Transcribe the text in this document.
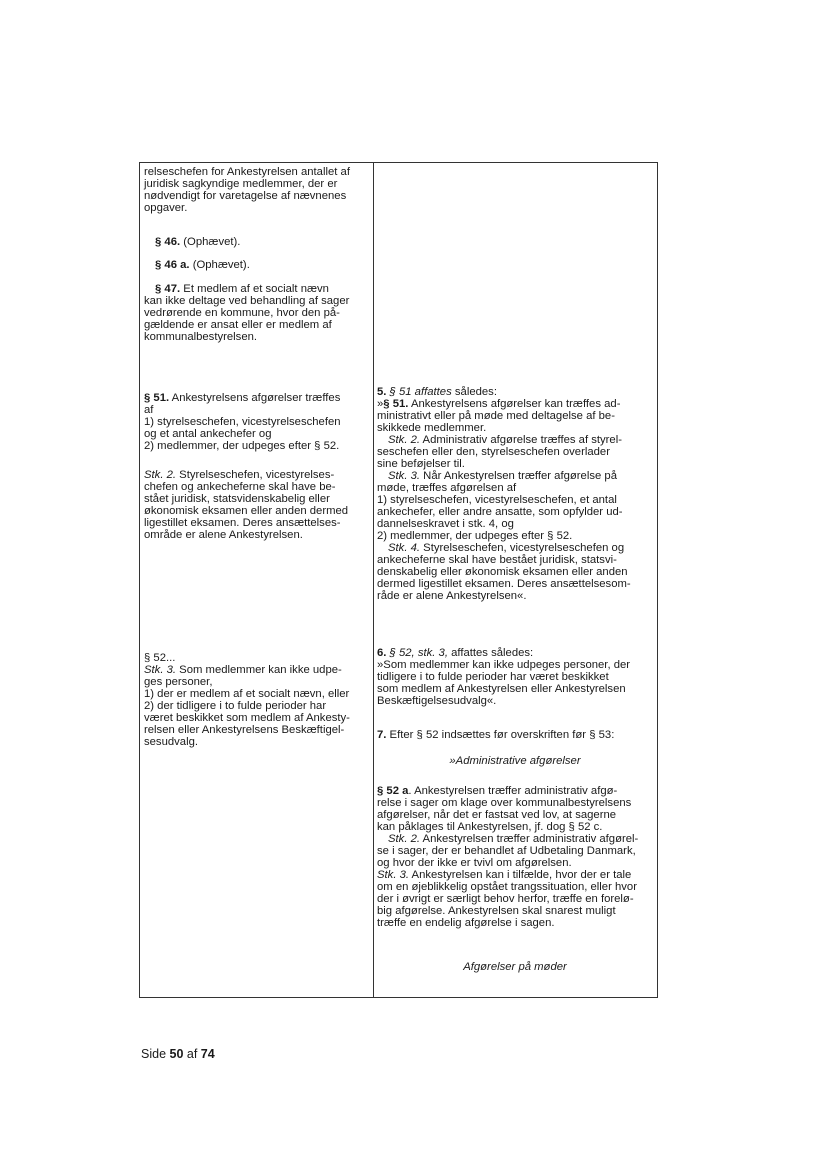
relseschefen for Ankestyrelsen antallet af

juridisk sagkyndige medlemmer, der er

nødvendigt for varetagelse af nævnenes

opgaver.

§ 46. (Ophævet).

§ 46 a. (Ophævet).

§ 47. Et medlem af et socialt nævn

kan ikke deltage ved behandling af sager

vedrørende en kommune, hvor den på-

gældende er ansat eller er medlem af

kommunalbestyrelsen.

§ 51. Ankestyrelsens afgørelser træffes

af

1) styrelseschefen, vicestyrelseschefen

og et antal ankechefer og

2) medlemmer, der udpeges efter § 52.

Stk. 2. Styrelseschefen, vicestyrelses-

chefen og ankecheferne skal have be-

stået juridisk, statsvidenskabelig eller

økonomisk eksamen eller anden dermed

ligestillet eksamen. Deres ansættelses-

område er alene Ankestyrelsen.

§ 52...

Stk. 3. Som medlemmer kan ikke udpe-

ges personer,

1) der er medlem af et socialt nævn, eller

2) der tidligere i to fulde perioder har

været beskikket som medlem af Ankesty-

relsen eller Ankestyrelsens Beskæftigel-

sesudvalg.

5. § 51 affattes således:

»§ 51. Ankestyrelsens afgørelser kan træffes ad-

ministrativt eller på møde med deltagelse af be-

skikkede medlemmer.

Stk. 2. Administrativ afgørelse træffes af styrel-

seschefen eller den, styrelseschefen overlader

sine beføjelser til.

Stk. 3. Når Ankestyrelsen træffer afgørelse på

møde, træffes afgørelsen af

1) styrelseschefen, vicestyrelseschefen, et antal

ankechefer, eller andre ansatte, som opfylder ud-

dannelseskravet i stk. 4, og

2) medlemmer, der udpeges efter § 52.

Stk. 4. Styrelseschefen, vicestyrelseschefen og

ankecheferne skal have bestået juridisk, statsvi-

denskabelig eller økonomisk eksamen eller anden

dermed ligestillet eksamen. Deres ansættelsesom-

råde er alene Ankestyrelsen«.

6. § 52, stk. 3, affattes således:

»Som medlemmer kan ikke udpeges personer, der

tidligere i to fulde perioder har været beskikket

som medlem af Ankestyrelsen eller Ankestyrelsen

Beskæftigelsesudvalg«.

7. Efter § 52 indsættes før overskriften før § 53:

»Administrative afgørelser

§ 52 a. Ankestyrelsen træffer administrativ afgø-

relse i sager om klage over kommunalbestyrelsens

afgørelser, når det er fastsat ved lov, at sagerne

kan påklages til Ankestyrelsen, jf. dog § 52 c.

Stk. 2. Ankestyrelsen træffer administrativ afgørel-

se i sager, der er behandlet af Udbetaling Danmark,

og hvor der ikke er tvivl om afgørelsen.

Stk. 3. Ankestyrelsen kan i tilfælde, hvor der er tale

om en øjeblikkelig opstået trangssituation, eller hvor

der i øvrigt er særligt behov herfor, træffe en forelø-

big afgørelse. Ankestyrelsen skal snarest muligt

træffe en endelig afgørelse i sagen.

Afgørelser på møder
Side 50 af 74
